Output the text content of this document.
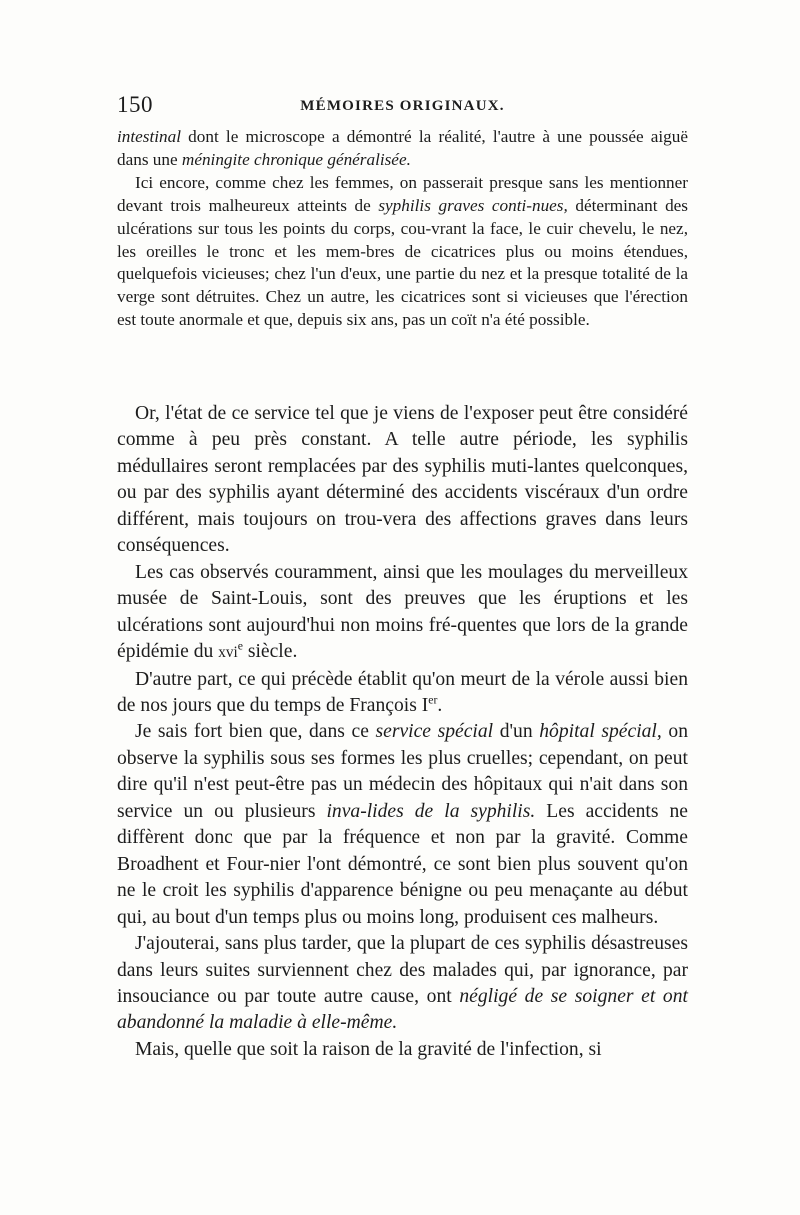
150	MÉMOIRES ORIGINAUX.

intestinal dont le microscope a démontré la réalité, l'autre à une poussée aiguë dans une méningite chronique généralisée.

Ici encore, comme chez les femmes, on passerait presque sans les mentionner devant trois malheureux atteints de syphilis graves conti-nues, déterminant des ulcérations sur tous les points du corps, cou-vrant la face, le cuir chevelu, le nez, les oreilles le tronc et les mem-bres de cicatrices plus ou moins étendues, quelquefois vicieuses; chez l'un d'eux, une partie du nez et la presque totalité de la verge sont détruites. Chez un autre, les cicatrices sont si vicieuses que l'érection est toute anormale et que, depuis six ans, pas un coït n'a été possible.

Or, l'état de ce service tel que je viens de l'exposer peut être considéré comme à peu près constant. A telle autre période, les syphilis médullaires seront remplacées par des syphilis muti-lantes quelconques, ou par des syphilis ayant déterminé des accidents viscéraux d'un ordre différent, mais toujours on trou-vera des affections graves dans leurs conséquences.

Les cas observés couramment, ainsi que les moulages du merveilleux musée de Saint-Louis, sont des preuves que les éruptions et les ulcérations sont aujourd'hui non moins fré-quentes que lors de la grande épidémie du xvi$^e$ siècle.

D'autre part, ce qui précède établit qu'on meurt de la vérole aussi bien de nos jours que du temps de François Ier.

Je sais fort bien que, dans ce service spécial d'un hôpital spécial, on observe la syphilis sous ses formes les plus cruelles; cependant, on peut dire qu'il n'est peut-être pas un médecin des hôpitaux qui n'ait dans son service un ou plusieurs inva-lides de la syphilis. Les accidents ne diffèrent donc que par la fréquence et non par la gravité. Comme Broadhent et Four-nier l'ont démontré, ce sont bien plus souvent qu'on ne le croit les syphilis d'apparence bénigne ou peu menaçante au début qui, au bout d'un temps plus ou moins long, produisent ces malheurs.

J'ajouterai, sans plus tarder, que la plupart de ces syphilis désastreuses dans leurs suites surviennent chez des malades qui, par ignorance, par insouciance ou par toute autre cause, ont négligé de se soigner et ont abandonné la maladie à elle-même.

Mais, quelle que soit la raison de la gravité de l'infection, si
